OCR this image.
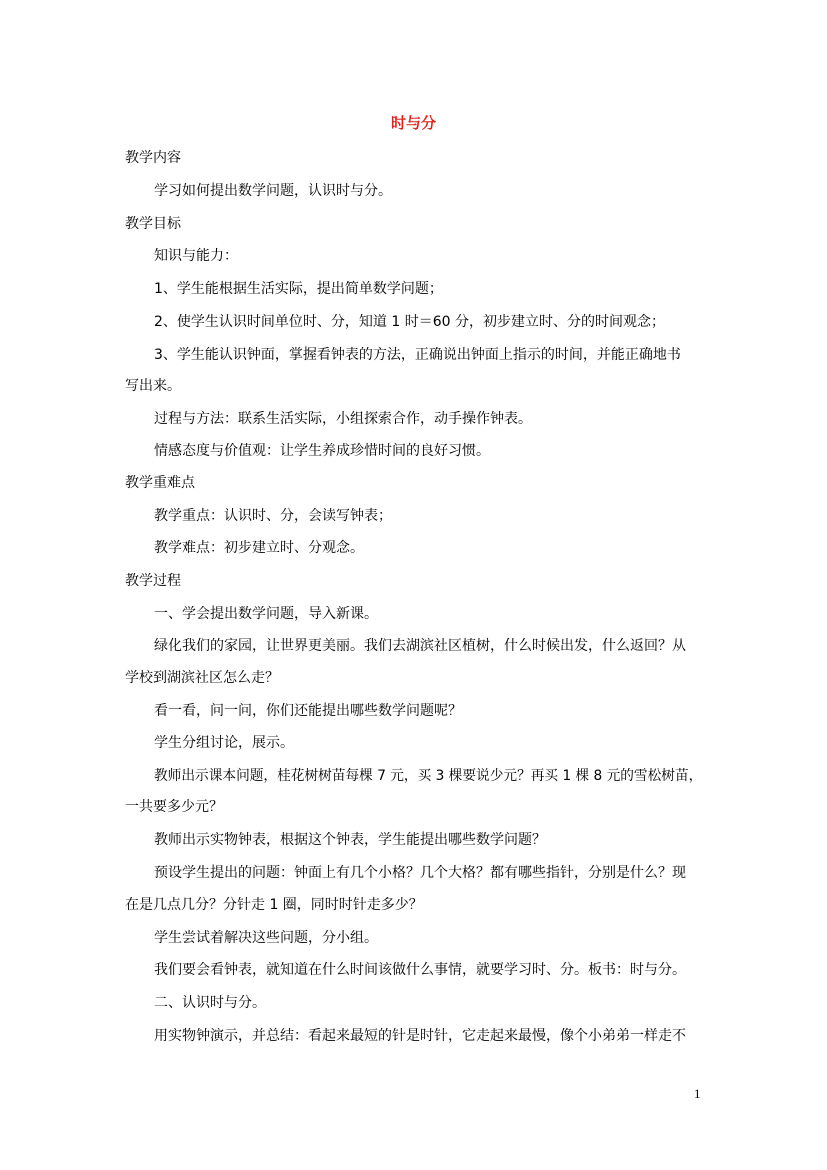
时与分
教学内容
学习如何提出数学问题，认识时与分。
教学目标
知识与能力：
1、学生能根据生活实际，提出简单数学问题；
2、使学生认识时间单位时、分，知道 1 时＝60 分，初步建立时、分的时间观念；
3、学生能认识钟面，掌握看钟表的方法，正确说出钟面上指示的时间，并能正确地书
写出来。
过程与方法：联系生活实际，小组探索合作，动手操作钟表。
情感态度与价值观：让学生养成珍惜时间的良好习惯。
教学重难点
教学重点：认识时、分，会读写钟表；
教学难点：初步建立时、分观念。
教学过程
一、学会提出数学问题，导入新课。
绿化我们的家园，让世界更美丽。我们去湖滨社区植树，什么时候出发，什么返回？从
学校到湖滨社区怎么走？
看一看，问一问，你们还能提出哪些数学问题呢？
学生分组讨论，展示。
教师出示课本问题，桂花树树苗每棵 7 元，买 3 棵要说少元？再买 1 棵 8 元的雪松树苗，
一共要多少元？
教师出示实物钟表，根据这个钟表，学生能提出哪些数学问题？
预设学生提出的问题：钟面上有几个小格？几个大格？都有哪些指针，分别是什么？现
在是几点几分？分针走 1 圈，同时时针走多少？
学生尝试着解决这些问题，分小组。
我们要会看钟表，就知道在什么时间该做什么事情，就要学习时、分。板书：时与分。
二、认识时与分。
用实物钟演示，并总结：看起来最短的针是时针，它走起来最慢，像个小弟弟一样走不
1
